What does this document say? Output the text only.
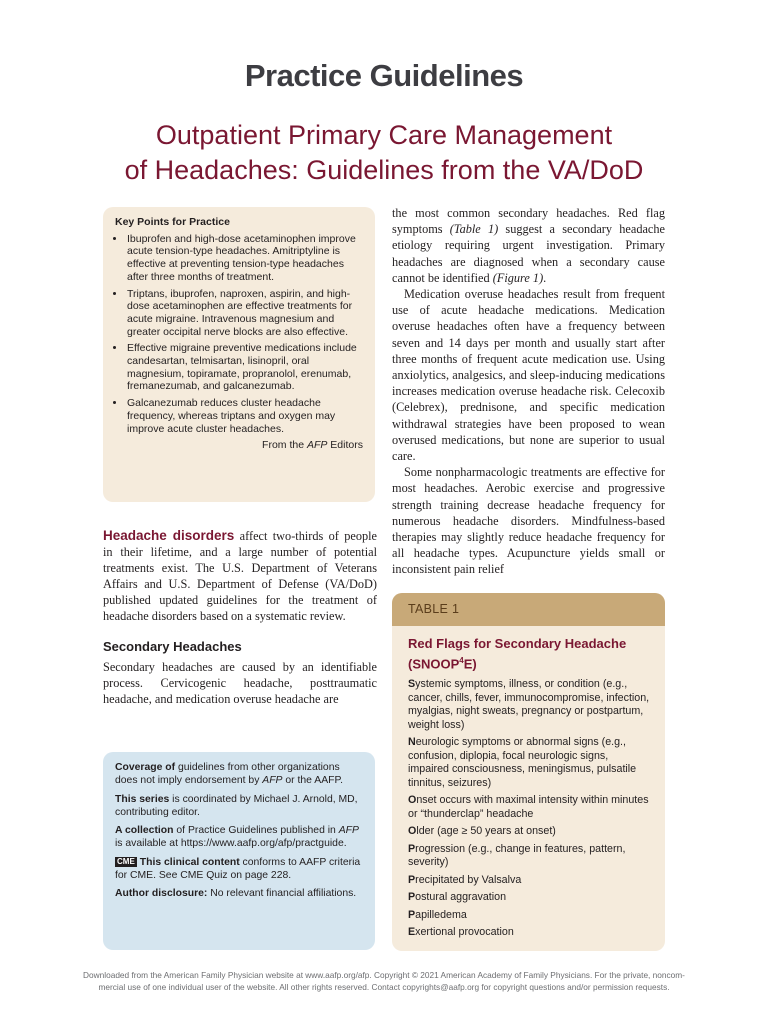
Practice Guidelines
Outpatient Primary Care Management
of Headaches: Guidelines from the VA/DoD
Key Points for Practice
• Ibuprofen and high-dose acetaminophen improve acute tension-type headaches. Amitriptyline is effective at preventing tension-type headaches after three months of treatment.
• Triptans, ibuprofen, naproxen, aspirin, and high-dose acetaminophen are effective treatments for acute migraine. Intravenous magnesium and greater occipital nerve blocks are also effective.
• Effective migraine preventive medications include candesartan, telmisartan, lisinopril, oral magnesium, topiramate, propranolol, erenumab, fremanezumab, and galcanezumab.
• Galcanezumab reduces cluster headache frequency, whereas triptans and oxygen may improve acute cluster headaches.
From the AFP Editors

Headache disorders affect two-thirds of people in their lifetime, and a large number of potential treatments exist. The U.S. Department of Veterans Affairs and U.S. Department of Defense (VA/DoD) published updated guidelines for the treatment of headache disorders based on a systematic review.

Secondary Headaches

Secondary headaches are caused by an identifiable process. Cervicogenic headache, posttraumatic headache, and medication overuse headache are

the most common secondary headaches. Red flag symptoms (Table 1) suggest a secondary headache etiology requiring urgent investigation. Primary headaches are diagnosed when a secondary cause cannot be identified (Figure 1).

Medication overuse headaches result from frequent use of acute headache medications. Medication overuse headaches often have a frequency between seven and 14 days per month and usually start after three months of frequent acute medication use. Using anxiolytics, analgesics, and sleep-inducing medications increases medication overuse headache risk. Celecoxib (Celebrex), prednisone, and specific medication withdrawal strategies have been proposed to wean overused medications, but none are superior to usual care.

Some nonpharmacologic treatments are effective for most headaches. Aerobic exercise and progressive strength training decrease headache frequency for numerous headache disorders. Mindfulness-based therapies may slightly reduce headache frequency for all headache types. Acupuncture yields small or inconsistent pain relief

Coverage of guidelines from other organizations does not imply endorsement by AFP or the AAFP.

This series is coordinated by Michael J. Arnold, MD, contributing editor.

A collection of Practice Guidelines published in AFP is available at https://www.aafp.org/afp/practguide.

CME This clinical content conforms to AAFP criteria for CME. See CME Quiz on page 228.

Author disclosure: No relevant financial affiliations.

TABLE 1
Red Flags for Secondary Headache
(SNOOP$^4$E)
Systemic symptoms, illness, or condition (e.g., cancer, chills, fever, immunocompromise, infection, myalgias, night sweats, pregnancy or postpartum, weight loss)
Neurologic symptoms or abnormal signs (e.g., confusion, diplopia, focal neurologic signs, impaired consciousness, meningismus, pulsatile tinnitus, seizures)
Onset occurs with maximal intensity within minutes or “thunderclap” headache
Older (age ≥ 50 years at onset)
Progression (e.g., change in features, pattern, severity)
Precipitated by Valsalva
Postural aggravation
Papilledema
Exertional provocation
Downloaded from the American Family Physician website at www.aafp.org/afp. Copyright © 2021 American Academy of Family Physicians. For the private, noncom-
mercial use of one individual user of the website. All other rights reserved. Contact copyrights@aafp.org for copyright questions and/or permission requests.
